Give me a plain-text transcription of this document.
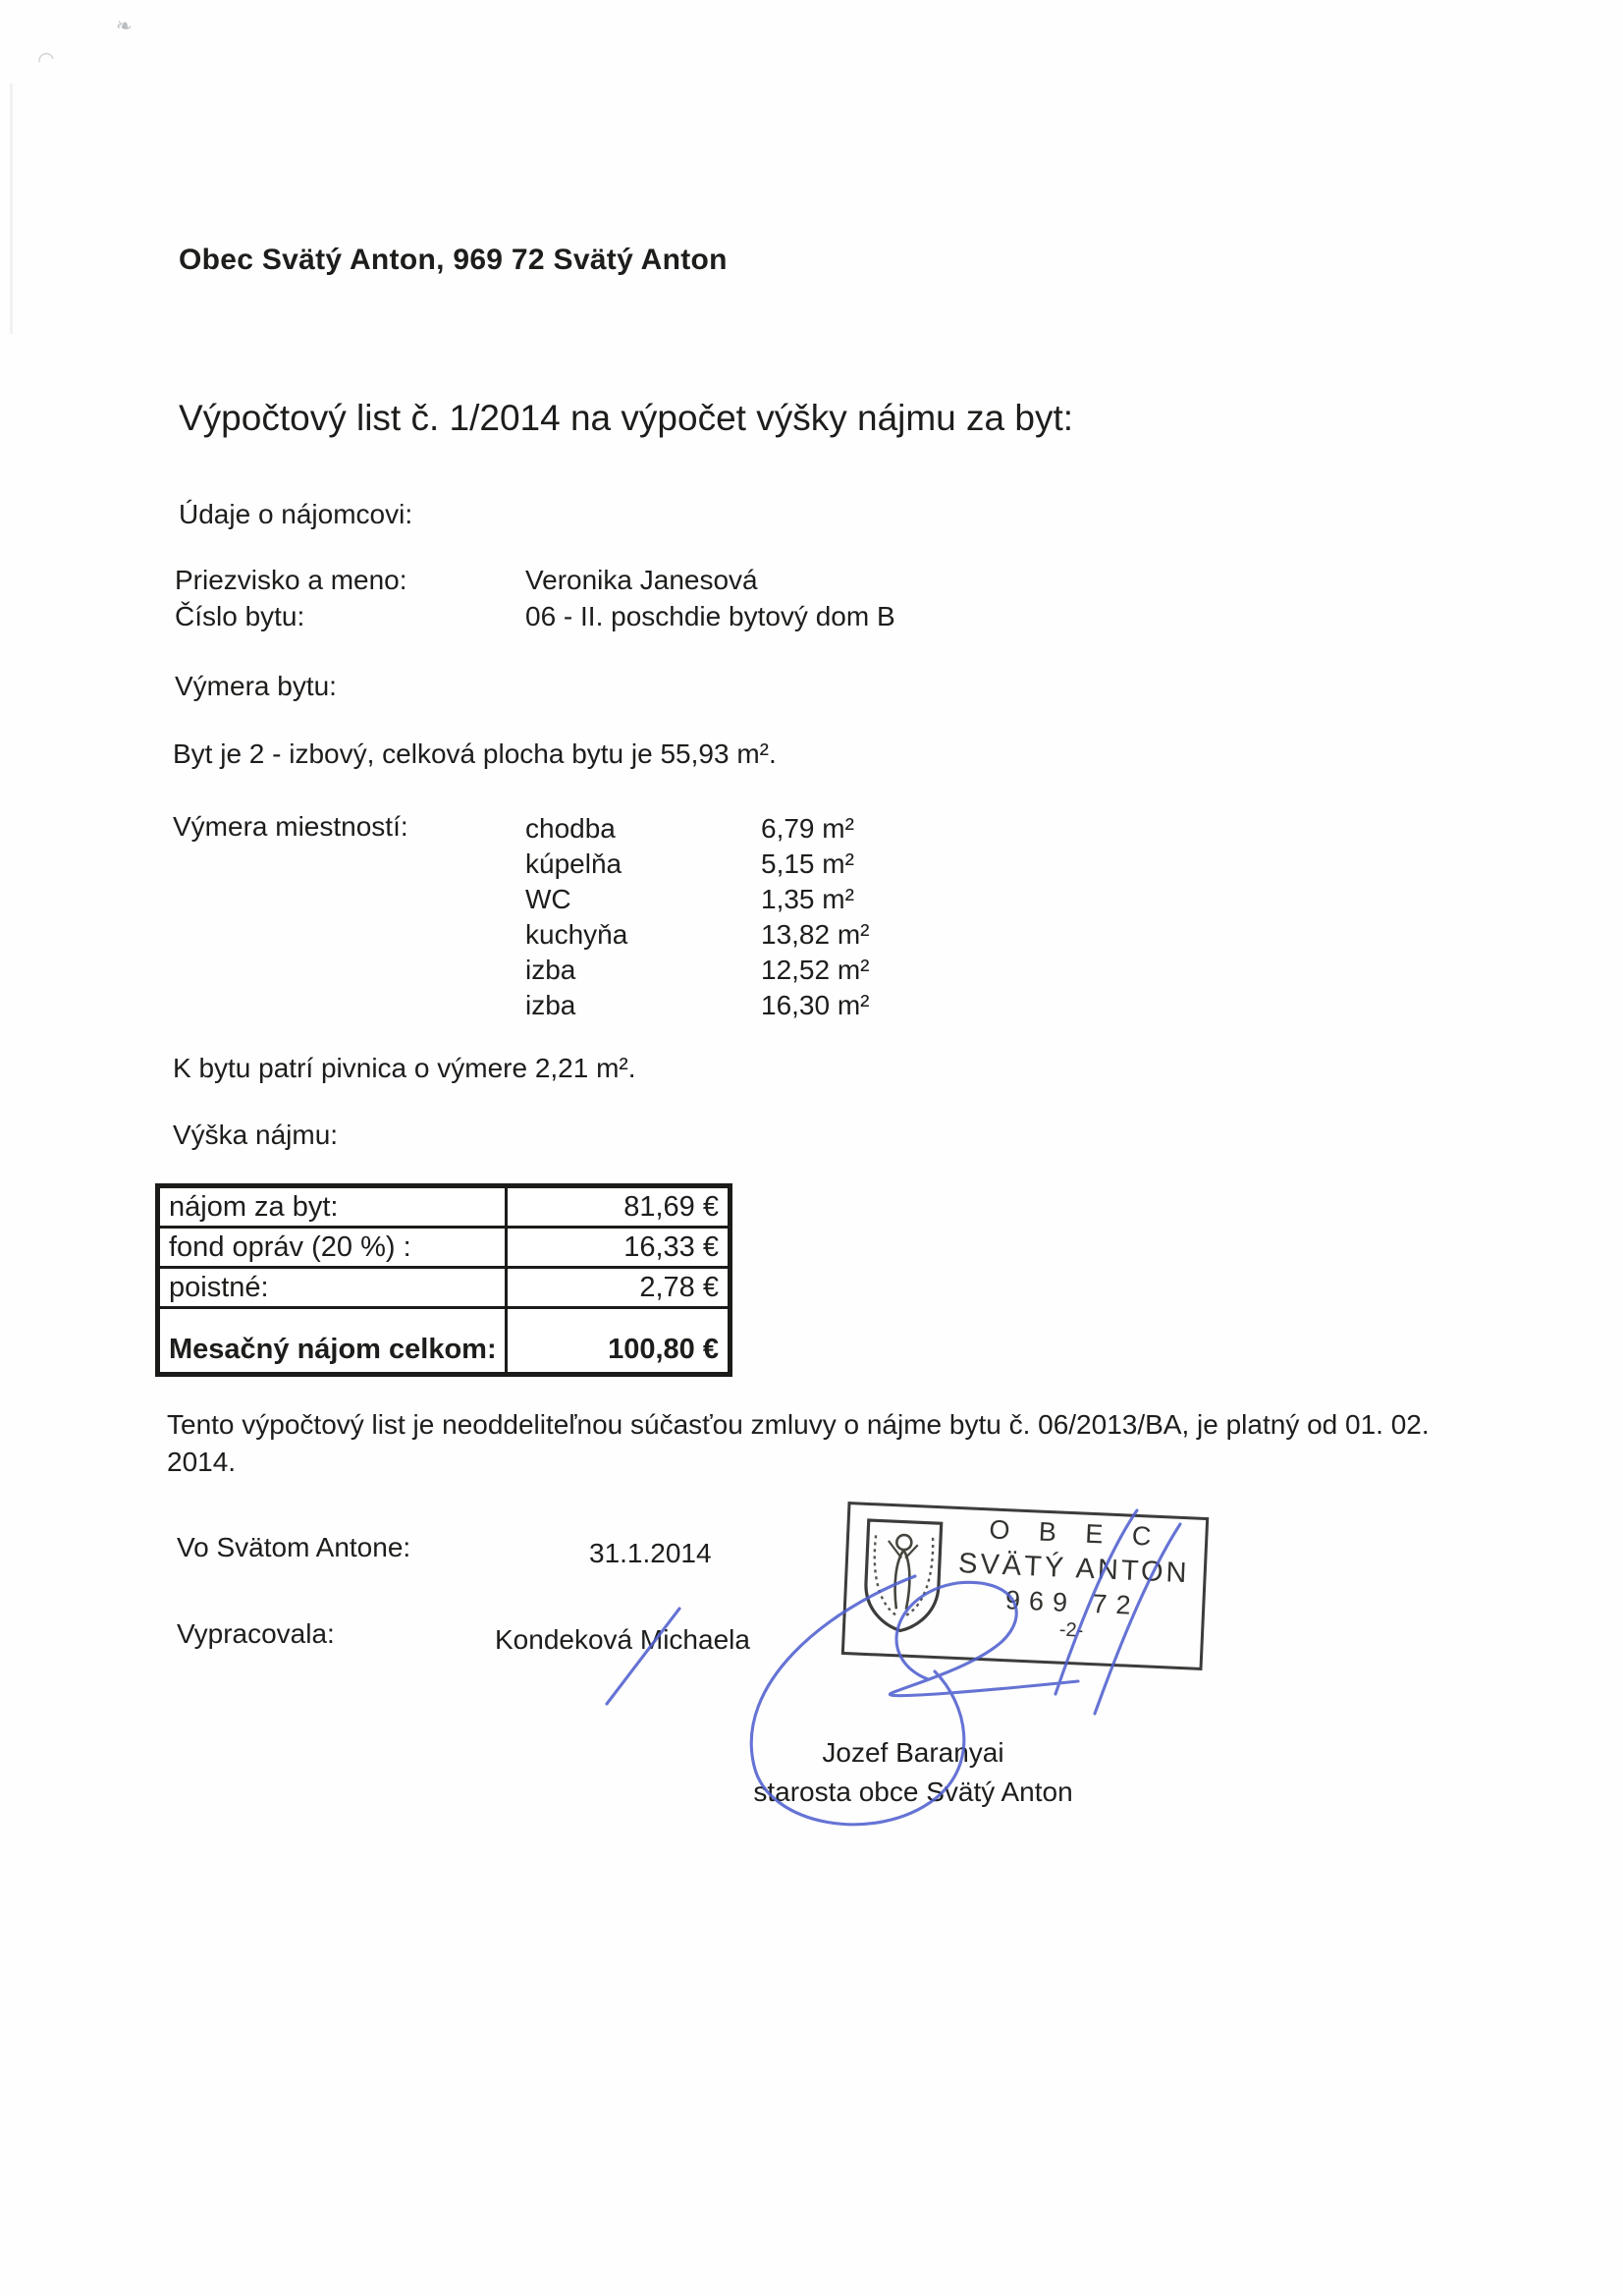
❧
◠
Obec Svätý Anton, 969 72 Svätý Anton
Výpočtový list č. 1/2014 na výpočet výšky nájmu za byt:
Údaje o nájomcovi:
Priezvisko a meno:	Veronika Janesová
Číslo bytu:	06 - II. poschdie bytový dom B
Výmera bytu:
Byt je 2 - izbový, celková plocha bytu je 55,93 m².
Výmera miestností:	chodba	6,79 m²
kúpelňa	5,15 m²
WC	1,35 m²
kuchyňa	13,82 m²
izba	12,52 m²
izba	16,30 m²
K bytu patrí pivnica o výmere 2,21 m².
Výška nájmu:
nájom za byt:	81,69 €
fond opráv (20 %) :	16,33 €
poistné:	2,78 €
Mesačný nájom celkom:	100,80 €
Tento výpočtový list je neoddeliteľnou súčasťou zmluvy o nájme bytu č. 06/2013/BA, je platný od 01. 02. 2014.
Vo Svätom Antone:	31.1.2014
Vypracovala:	Kondeková Michaela
O B E C
SVÄTÝ ANTON
969 72
-2-
Jozef Baranyai
starosta obce Svätý Anton
